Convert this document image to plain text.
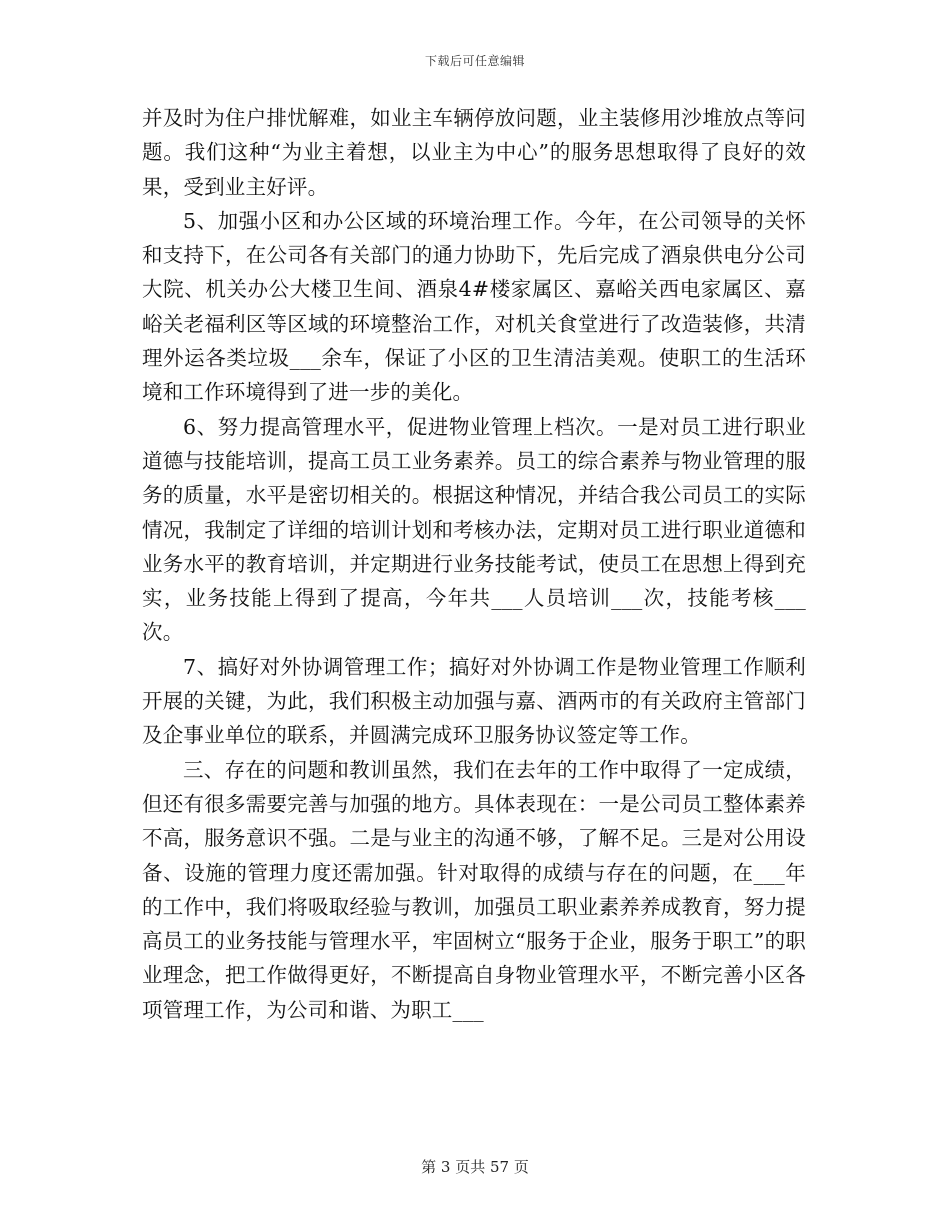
下载后可任意编辑

并及时为住户排忧解难，如业主车辆停放问题，业主装修用沙堆放点等问题。我们这种“为业主着想，以业主为中心”的服务思想取得了良好的效果，受到业主好评。

5、加强小区和办公区域的环境治理工作。今年，在公司领导的关怀和支持下，在公司各有关部门的通力协助下，先后完成了酒泉供电分公司大院、机关办公大楼卫生间、酒泉4#楼家属区、嘉峪关西电家属区、嘉峪关老福利区等区域的环境整治工作，对机关食堂进行了改造装修，共清理外运各类垃圾___余车，保证了小区的卫生清洁美观。使职工的生活环境和工作环境得到了进一步的美化。

6、努力提高管理水平，促进物业管理上档次。一是对员工进行职业道德与技能培训，提高工员工业务素养。员工的综合素养与物业管理的服务的质量，水平是密切相关的。根据这种情况，并结合我公司员工的实际情况，我制定了详细的培训计划和考核办法，定期对员工进行职业道德和业务水平的教育培训，并定期进行业务技能考试，使员工在思想上得到充实，业务技能上得到了提高，今年共___人员培训___次，技能考核___次。

7、搞好对外协调管理工作；搞好对外协调工作是物业管理工作顺利开展的关键，为此，我们积极主动加强与嘉、酒两市的有关政府主管部门及企事业单位的联系，并圆满完成环卫服务协议签定等工作。

三、存在的问题和教训虽然，我们在去年的工作中取得了一定成绩，但还有很多需要完善与加强的地方。具体表现在：一是公司员工整体素养不高，服务意识不强。二是与业主的沟通不够，了解不足。三是对公用设备、设施的管理力度还需加强。针对取得的成绩与存在的问题，在___年的工作中，我们将吸取经验与教训，加强员工职业素养养成教育，努力提高员工的业务技能与管理水平，牢固树立“服务于企业，服务于职工”的职业理念，把工作做得更好，不断提高自身物业管理水平，不断完善小区各项管理工作，为公司和谐、为职工___

第 3 页共 57 页
